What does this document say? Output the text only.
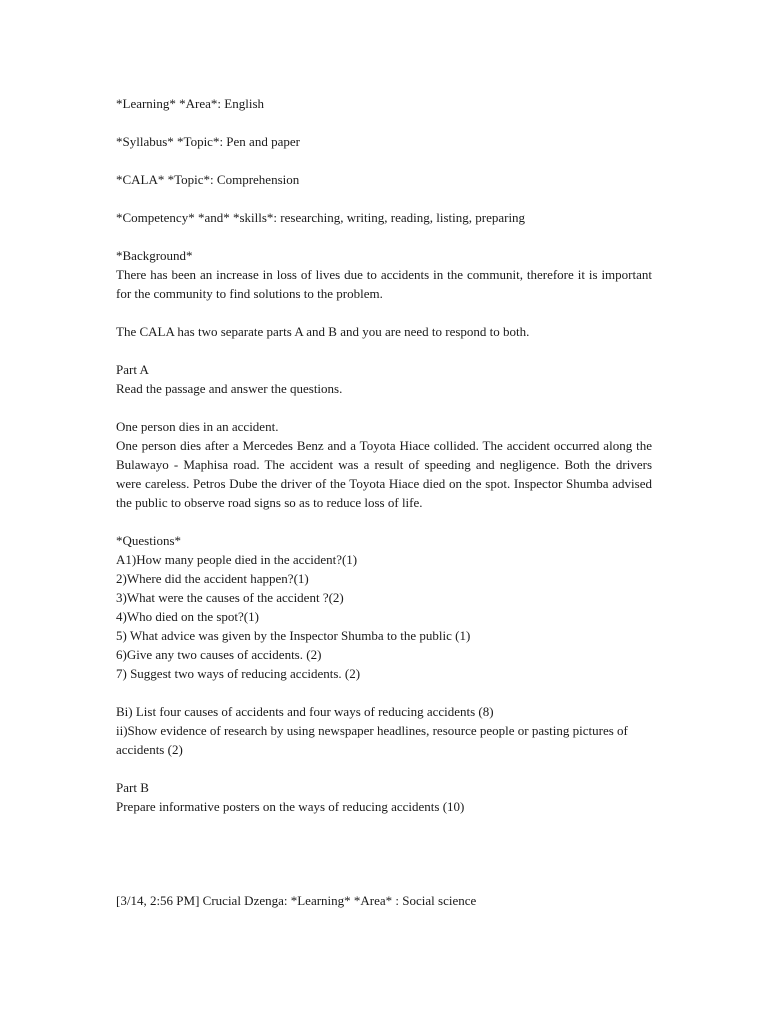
*Learning* *Area*: English

*Syllabus* *Topic*: Pen and paper

*CALA* *Topic*: Comprehension

*Competency* *and* *skills*: researching, writing, reading, listing, preparing

*Background*

There has been an increase in loss of lives due to accidents in the communit, therefore it is important for the community to find solutions to the problem.

The CALA has two separate parts A and B and you are need to respond to both.

Part A

Read the passage and answer the questions.

One person dies in an accident.

One person dies after a Mercedes Benz and a Toyota Hiace collided. The accident occurred along the Bulawayo - Maphisa road. The accident was a result of speeding and negligence. Both the drivers were careless. Petros Dube the driver of the Toyota Hiace died on the spot. Inspector Shumba advised the public to observe road signs so as to reduce loss of life.

*Questions*

A1)How many people died in the accident?(1)

2)Where did the accident happen?(1)

3)What were the causes of the accident ?(2)

4)Who died on the spot?(1)

5) What advice was given by the Inspector Shumba to the public (1)

6)Give any two causes of accidents. (2)

7) Suggest two ways of reducing accidents. (2)

Bi) List four causes of accidents and four ways of reducing accidents (8)

ii)Show evidence of research by using newspaper headlines, resource people or pasting pictures of accidents (2)

Part B

Prepare informative posters on the ways of reducing accidents (10)

[3/14, 2:56 PM] Crucial Dzenga: *Learning* *Area* : Social science
